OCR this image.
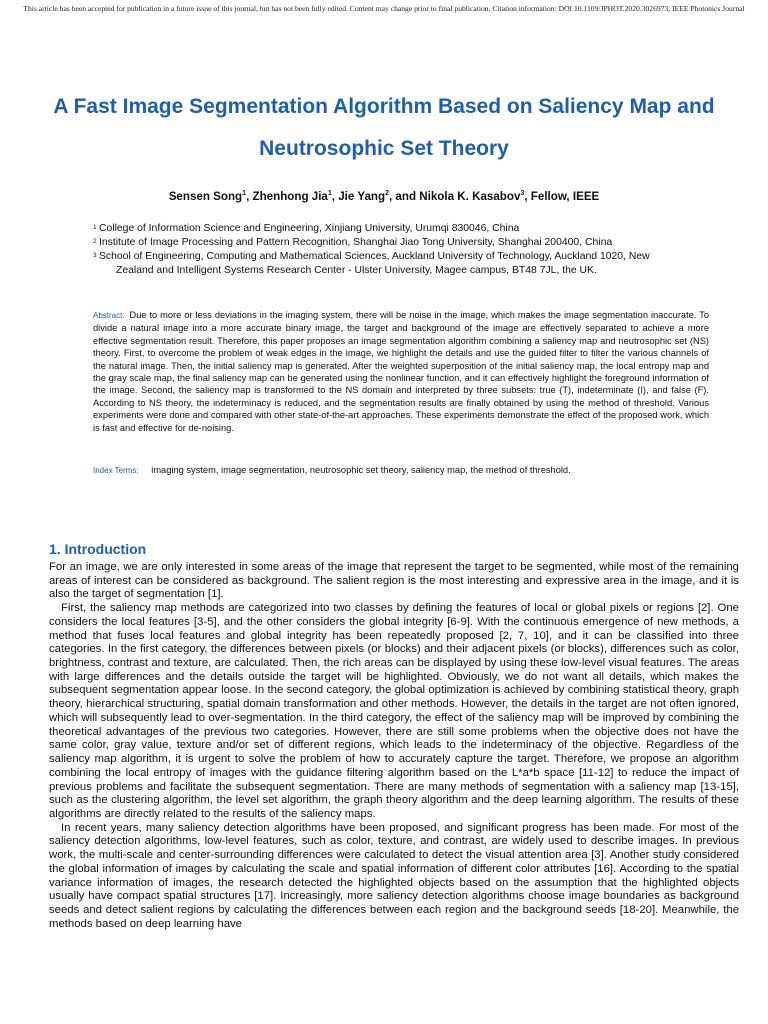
This article has been accepted for publication in a future issue of this journal, but has not been fully edited. Content may change prior to final publication. Citation information: DOI 10.1109/JPHOT.2020.3026973, IEEE Photonics Journal
A Fast Image Segmentation Algorithm Based on Saliency Map and Neutrosophic Set Theory
Sensen Song$^1$, Zhenhong Jia$^1$, Jie Yang$^2$, and Nikola K. Kasabov$^3$, Fellow, IEEE
1 College of Information Science and Engineering, Xinjiang University, Urumqi 830046, China
2 Institute of Image Processing and Pattern Recognition, Shanghai Jiao Tong University, Shanghai 200400, China
3 School of Engineering, Computing and Mathematical Sciences, Auckland University of Technology, Auckland 1020, New
Zealand and Intelligent Systems Research Center - Ulster University, Magee campus, BT48 7JL, the UK.
Abstract: Due to more or less deviations in the imaging system, there will be noise in the image, which makes the image segmentation inaccurate. To divide a natural image into a more accurate binary image, the target and background of the image are effectively separated to achieve a more effective segmentation result. Therefore, this paper proposes an image segmentation algorithm combining a saliency map and neutrosophic set (NS) theory. First, to overcome the problem of weak edges in the image, we highlight the details and use the guided filter to filter the various channels of the natural image. Then, the initial saliency map is generated. After the weighted superposition of the initial saliency map, the local entropy map and the gray scale map, the final saliency map can be generated using the nonlinear function, and it can effectively highlight the foreground information of the image. Second, the saliency map is transformed to the NS domain and interpreted by three subsets: true (T), indeterminate (I), and false (F). According to NS theory, the indeterminacy is reduced, and the segmentation results are finally obtained by using the method of threshold. Various experiments were done and compared with other state-of-the-art approaches. These experiments demonstrate the effect of the proposed work, which is fast and effective for de-noising.
Index Terms: imaging system, image segmentation, neutrosophic set theory, saliency map, the method of threshold.
1. Introduction

For an image, we are only interested in some areas of the image that represent the target to be segmented, while most of the remaining areas of interest can be considered as background. The salient region is the most interesting and expressive area in the image, and it is also the target of segmentation [1].

First, the saliency map methods are categorized into two classes by defining the features of local or global pixels or regions [2]. One considers the local features [3-5], and the other considers the global integrity [6-9]. With the continuous emergence of new methods, a method that fuses local features and global integrity has been repeatedly proposed [2, 7, 10], and it can be classified into three categories. In the first category, the differences between pixels (or blocks) and their adjacent pixels (or blocks), differences such as color, brightness, contrast and texture, are calculated. Then, the rich areas can be displayed by using these low-level visual features. The areas with large differences and the details outside the target will be highlighted. Obviously, we do not want all details, which makes the subsequent segmentation appear loose. In the second category, the global optimization is achieved by combining statistical theory, graph theory, hierarchical structuring, spatial domain transformation and other methods. However, the details in the target are not often ignored, which will subsequently lead to over-segmentation. In the third category, the effect of the saliency map will be improved by combining the theoretical advantages of the previous two categories. However, there are still some problems when the objective does not have the same color, gray value, texture and/or set of different regions, which leads to the indeterminacy of the objective. Regardless of the saliency map algorithm, it is urgent to solve the problem of how to accurately capture the target. Therefore, we propose an algorithm combining the local entropy of images with the guidance filtering algorithm based on the L*a*b space [11-12] to reduce the impact of previous problems and facilitate the subsequent segmentation. There are many methods of segmentation with a saliency map [13-15], such as the clustering algorithm, the level set algorithm, the graph theory algorithm and the deep learning algorithm. The results of these algorithms are directly related to the results of the saliency maps.

In recent years, many saliency detection algorithms have been proposed, and significant progress has been made. For most of the saliency detection algorithms, low-level features, such as color, texture, and contrast, are widely used to describe images. In previous work, the multi-scale and center-surrounding differences were calculated to detect the visual attention area [3]. Another study considered the global information of images by calculating the scale and spatial information of different color attributes [16]. According to the spatial variance information of images, the research detected the highlighted objects based on the assumption that the highlighted objects usually have compact spatial structures [17]. Increasingly, more saliency detection algorithms choose image boundaries as background seeds and detect salient regions by calculating the differences between each region and the background seeds [18-20]. Meanwhile, the methods based on deep learning have
